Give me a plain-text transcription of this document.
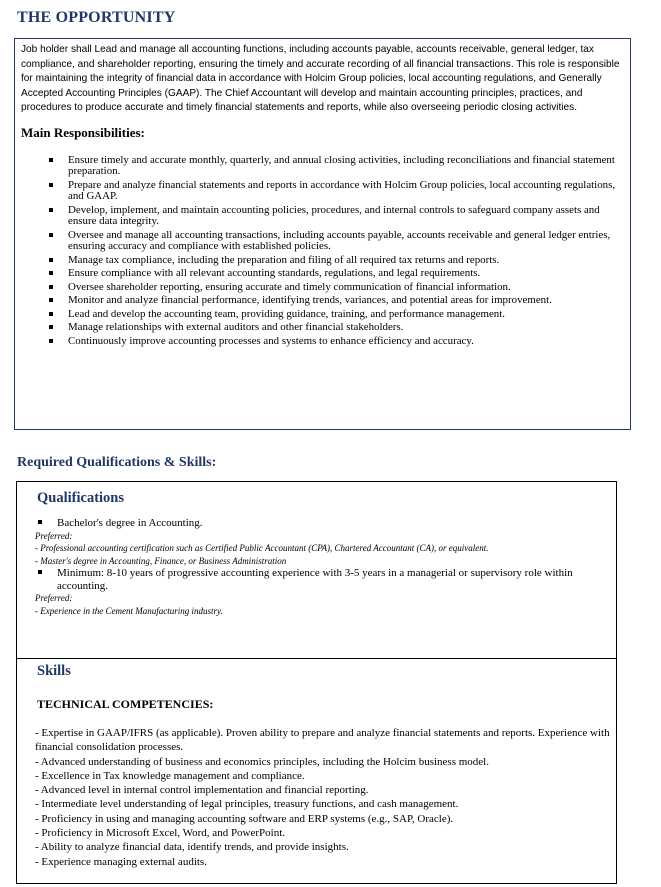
THE OPPORTUNITY

Job holder shall Lead and manage all accounting functions, including accounts payable, accounts receivable, general ledger, tax compliance, and shareholder reporting, ensuring the timely and accurate recording of all financial transactions. This role is responsible for maintaining the integrity of financial data in accordance with Holcim Group policies, local accounting regulations, and Generally Accepted Accounting Principles (GAAP). The Chief Accountant will develop and maintain accounting principles, practices, and procedures to produce accurate and timely financial statements and reports, while also overseeing periodic closing activities.

Main Responsibilities:
Ensure timely and accurate monthly, quarterly, and annual closing activities, including reconciliations and financial statement preparation.
Prepare and analyze financial statements and reports in accordance with Holcim Group policies, local accounting regulations, and GAAP.
Develop, implement, and maintain accounting policies, procedures, and internal controls to safeguard company assets and ensure data integrity.
Oversee and manage all accounting transactions, including accounts payable, accounts receivable and general ledger entries, ensuring accuracy and compliance with established policies.
Manage tax compliance, including the preparation and filing of all required tax returns and reports.
Ensure compliance with all relevant accounting standards, regulations, and legal requirements.
Oversee shareholder reporting, ensuring accurate and timely communication of financial information.
Monitor and analyze financial performance, identifying trends, variances, and potential areas for improvement.
Lead and develop the accounting team, providing guidance, training, and performance management.
Manage relationships with external auditors and other financial stakeholders.
Continuously improve accounting processes and systems to enhance efficiency and accuracy.
Required Qualifications & Skills:
Qualifications
Bachelor's degree in Accounting.
Preferred:
- Professional accounting certification such as Certified Public Accountant (CPA), Chartered Accountant (CA), or equivalent.
- Master's degree in Accounting, Finance, or Business Administration
Minimum: 8-10 years of progressive accounting experience with 3-5 years in a managerial or supervisory role within accounting.
Preferred:
- Experience in the Cement Manufacturing industry.
Skills
TECHNICAL COMPETENCIES:
- Expertise in GAAP/IFRS (as applicable). Proven ability to prepare and analyze financial statements and reports. Experience with financial consolidation processes.
- Advanced understanding of business and economics principles, including the Holcim business model.
- Excellence in Tax knowledge management and compliance.
- Advanced level in internal control implementation and financial reporting.
- Intermediate level understanding of legal principles, treasury functions, and cash management.
- Proficiency in using and managing accounting software and ERP systems (e.g., SAP, Oracle).
- Proficiency in Microsoft Excel, Word, and PowerPoint.
- Ability to analyze financial data, identify trends, and provide insights.
- Experience managing external audits.
